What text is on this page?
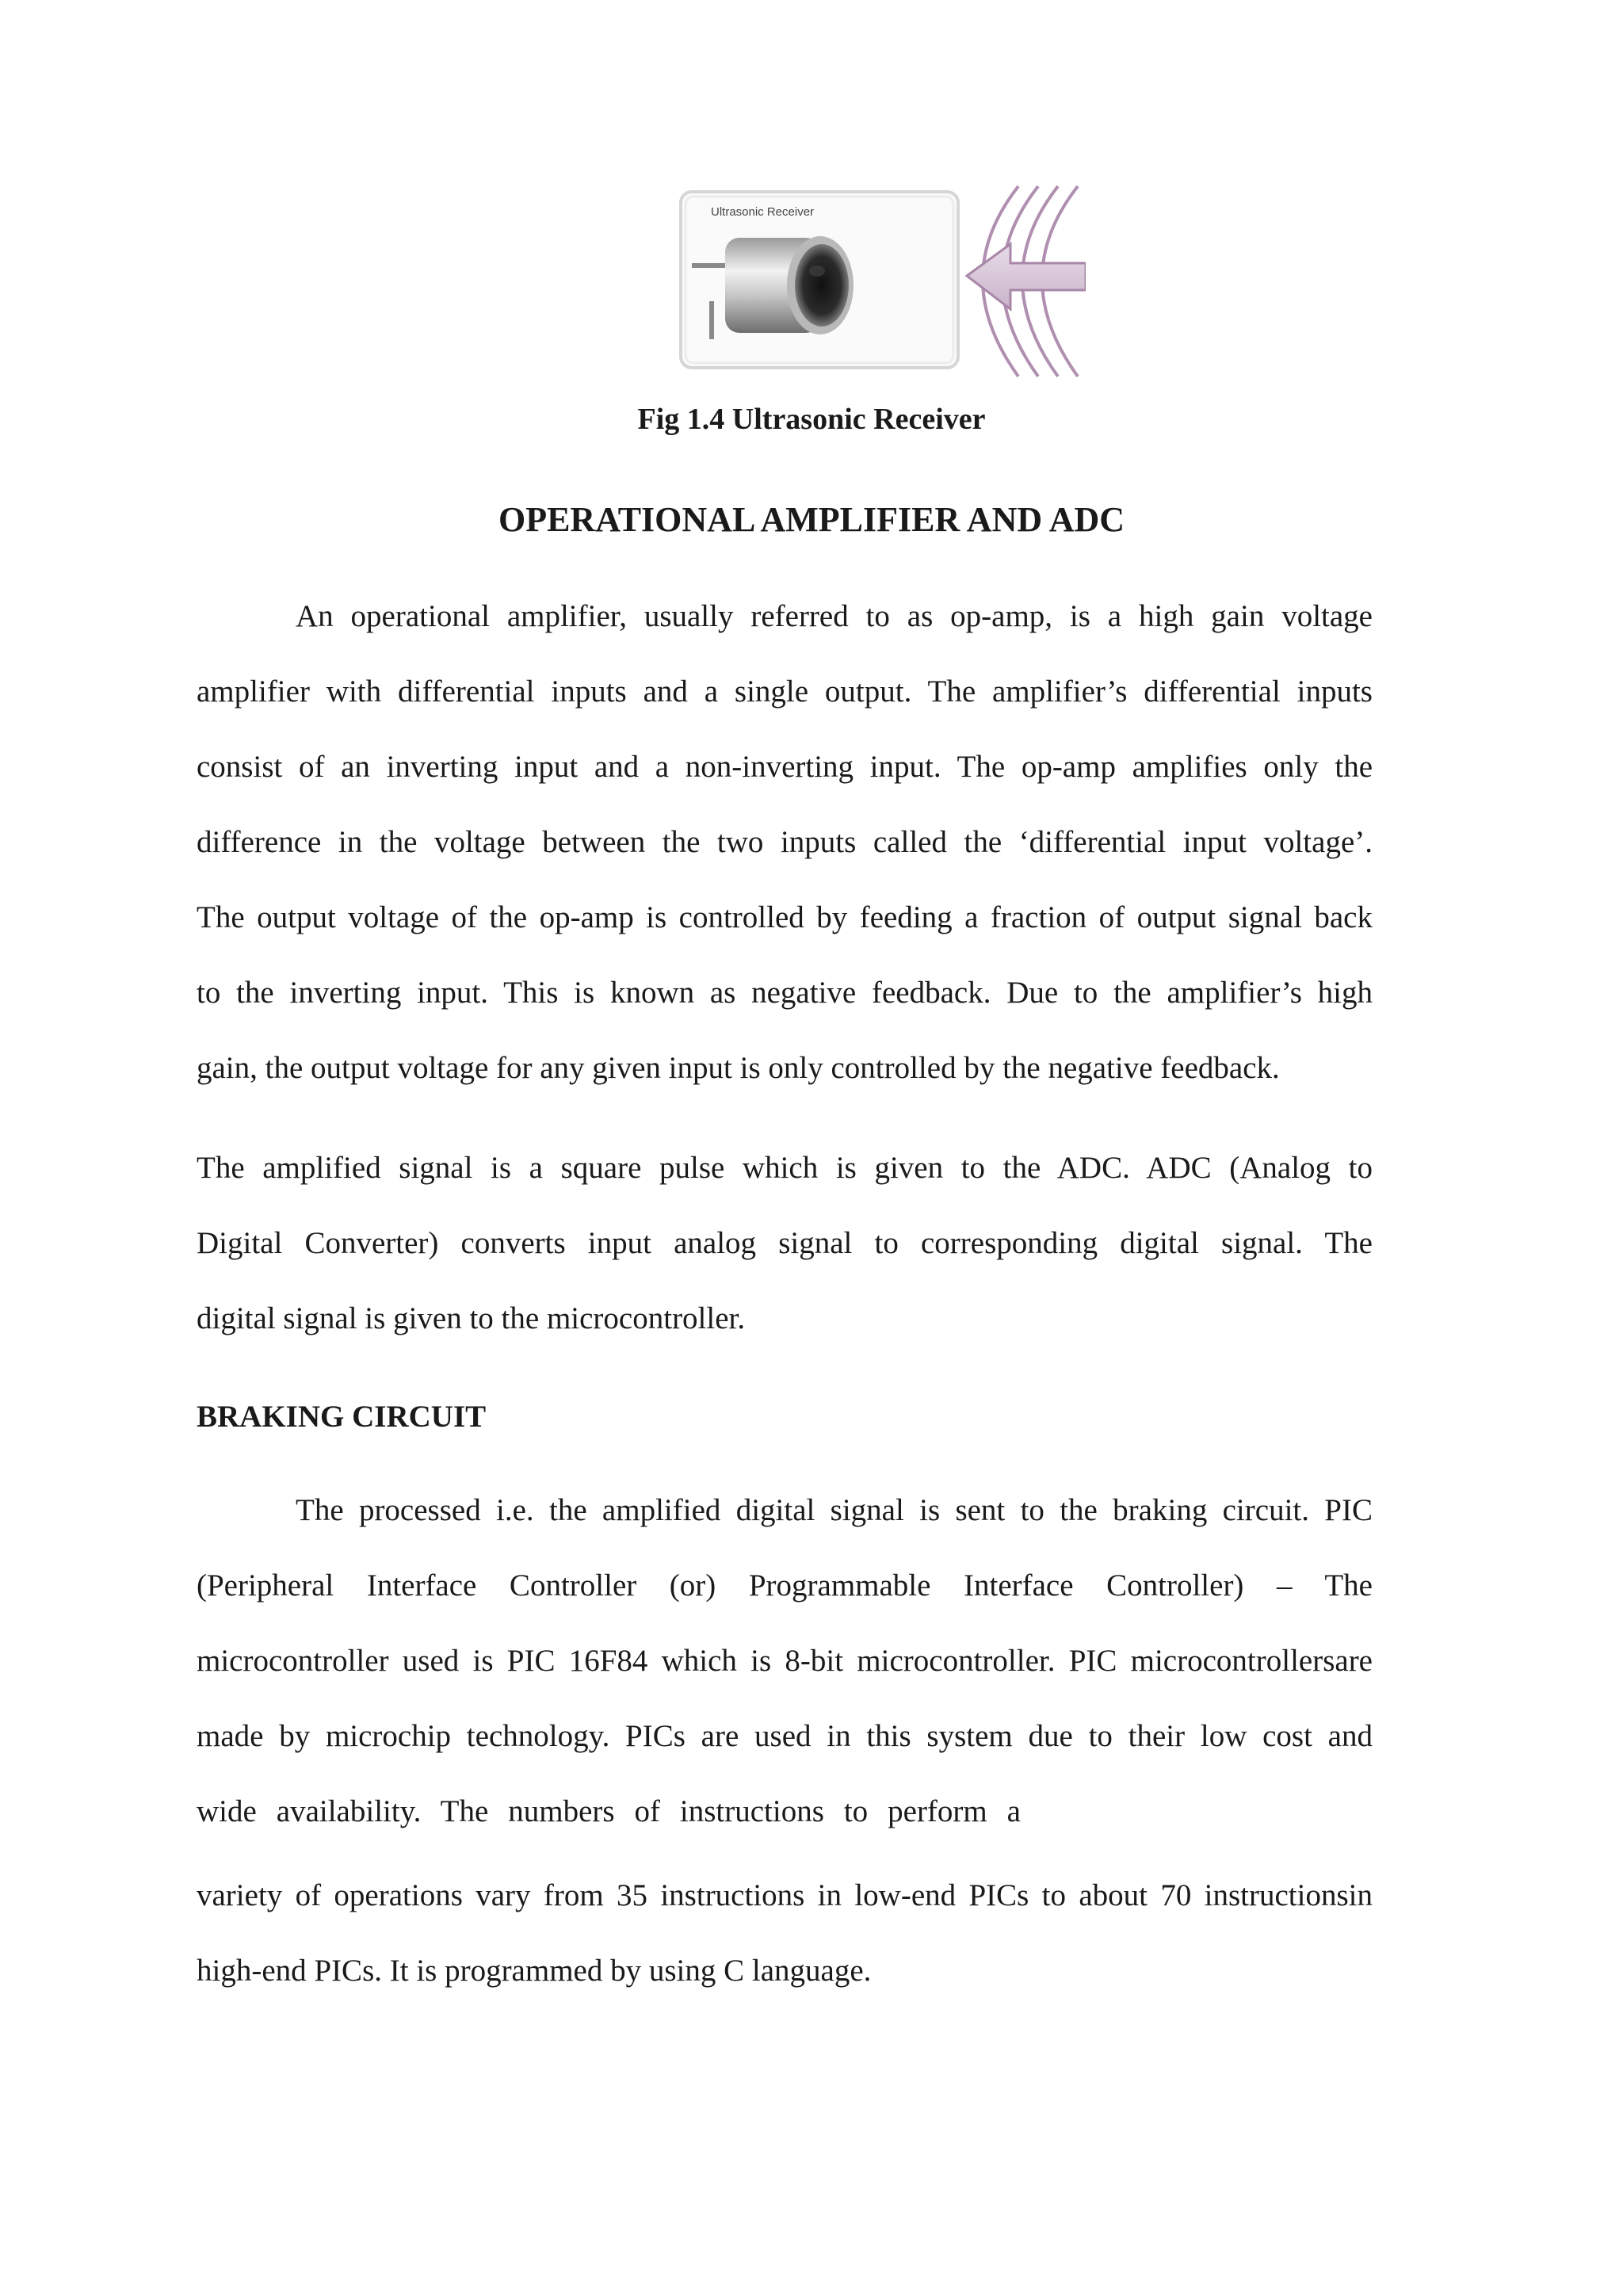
Ultrasonic Receiver
Fig 1.4 Ultrasonic Receiver
OPERATIONAL AMPLIFIER AND ADC
An operational amplifier, usually referred to as op-amp, is a high gain voltage
amplifier with differential inputs and a single output. The amplifier’s differential inputs
consist of an inverting input and a non-inverting input. The op-amp amplifies only the
difference in the voltage between the two inputs called the ‘differential input voltage’.
The output voltage of the op-amp is controlled by feeding a fraction of output signal back
to the inverting input. This is known as negative feedback. Due to the amplifier’s high
gain, the output voltage for any given input is only controlled by the negative feedback.
The amplified signal is a square pulse which is given to the ADC. ADC (Analog to
Digital Converter) converts input analog signal to corresponding digital signal. The
digital signal is given to the microcontroller.
BRAKING CIRCUIT
The processed i.e. the amplified digital signal is sent to the braking circuit. PIC
(Peripheral Interface Controller (or) Programmable Interface Controller) – The
microcontroller used is PIC 16F84 which is 8-bit microcontroller. PIC microcontrollersare
made by microchip technology. PICs are used in this system due to their low cost and
wide availability. The numbers of instructions to perform a
variety of operations vary from 35 instructions in low-end PICs to about 70 instructionsin
high-end PICs. It is programmed by using C language.
